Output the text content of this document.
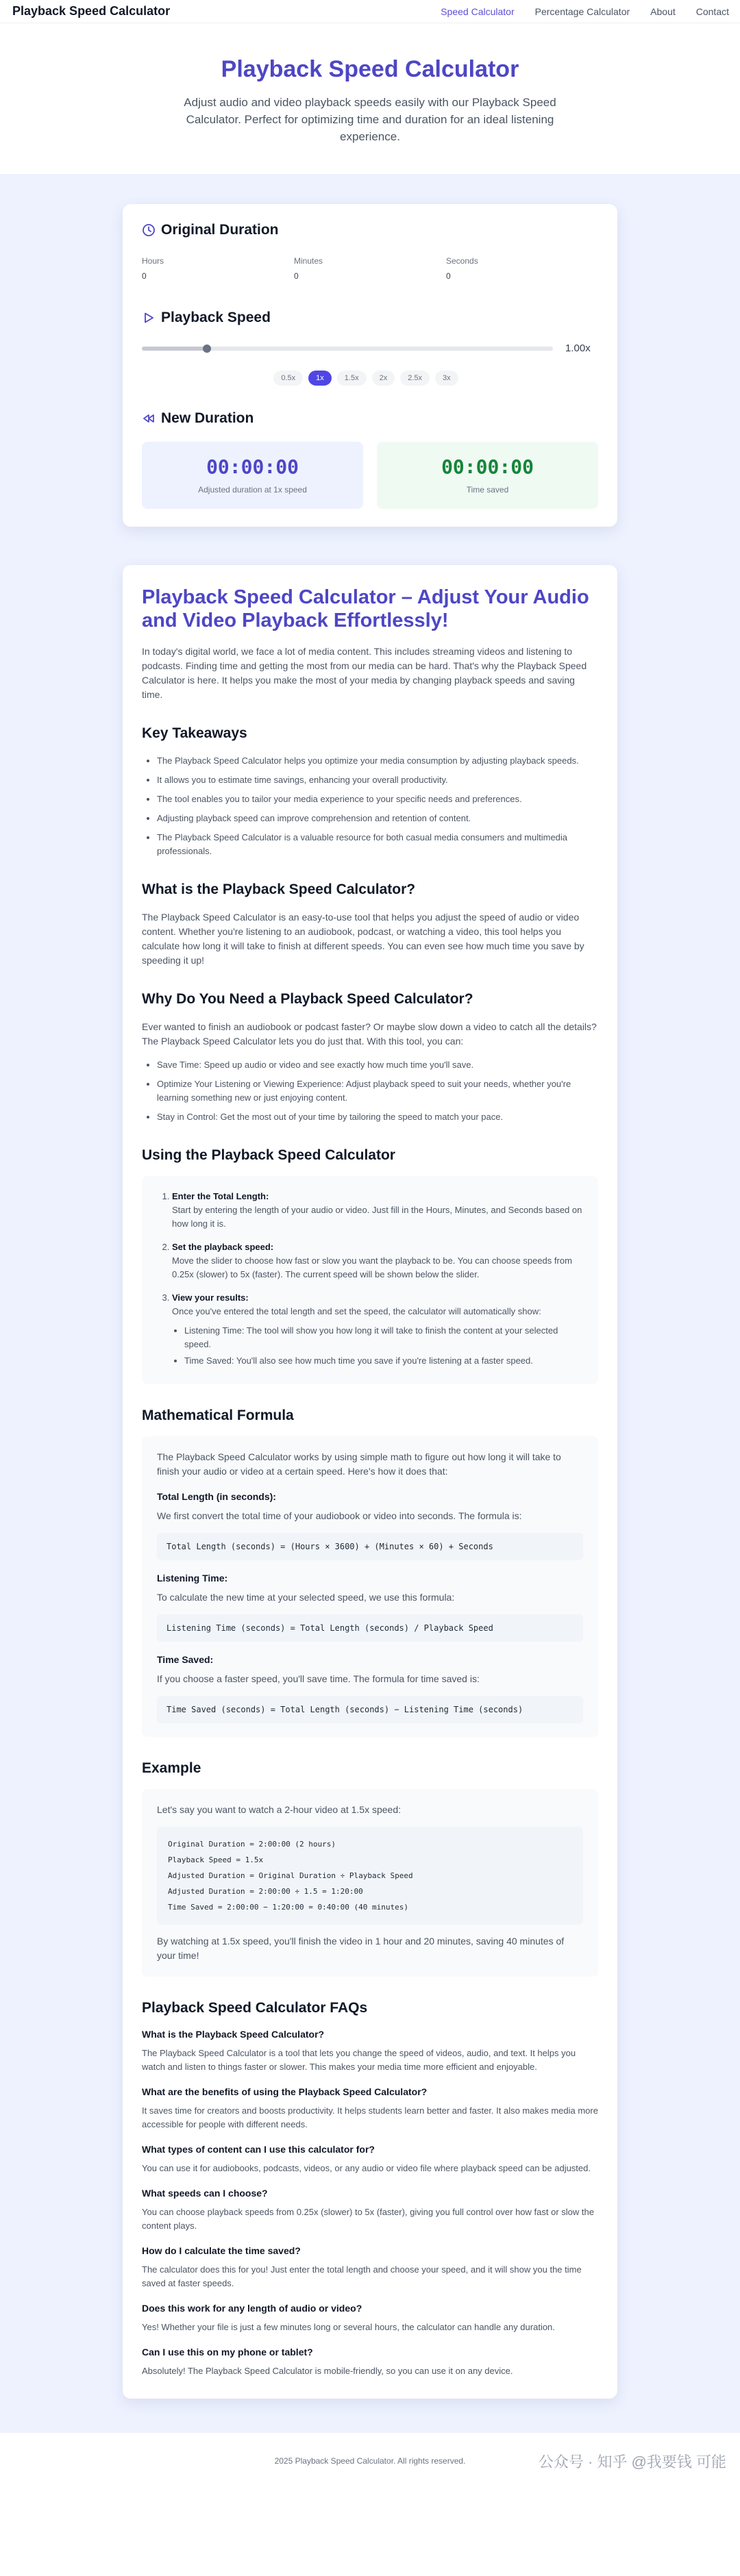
Playback Speed Calculator	Speed Calculator Percentage Calculator About Contact
Playback Speed Calculator

Adjust audio and video playback speeds easily with our Playback Speed Calculator. Perfect for optimizing time and duration for an ideal listening experience.

Original Duration
Hours
0	Minutes
0	Seconds
0
Playback Speed
1.00x
0.5x	1x	1.5x	2x	2.5x	3x
New Duration
00:00:00
Adjusted duration at 1x speed
00:00:00
Time saved
Playback Speed Calculator – Adjust Your Audio and Video Playback Effortlessly!

In today's digital world, we face a lot of media content. This includes streaming videos and listening to podcasts. Finding time and getting the most from our media can be hard. That's why the Playback Speed Calculator is here. It helps you make the most of your media by changing playback speeds and saving time.

Key Takeaways
• The Playback Speed Calculator helps you optimize your media consumption by adjusting playback speeds.
• It allows you to estimate time savings, enhancing your overall productivity.
• The tool enables you to tailor your media experience to your specific needs and preferences.
• Adjusting playback speed can improve comprehension and retention of content.
• The Playback Speed Calculator is a valuable resource for both casual media consumers and multimedia professionals.
What is the Playback Speed Calculator?

The Playback Speed Calculator is an easy-to-use tool that helps you adjust the speed of audio or video content. Whether you're listening to an audiobook, podcast, or watching a video, this tool helps you calculate how long it will take to finish at different speeds. You can even see how much time you save by speeding it up!

Why Do You Need a Playback Speed Calculator?

Ever wanted to finish an audiobook or podcast faster? Or maybe slow down a video to catch all the details? The Playback Speed Calculator lets you do just that. With this tool, you can:

• Save Time: Speed up audio or video and see exactly how much time you'll save.
• Optimize Your Listening or Viewing Experience: Adjust playback speed to suit your needs, whether you're learning something new or just enjoying content.
• Stay in Control: Get the most out of your time by tailoring the speed to match your pace.
Using the Playback Speed Calculator
1. Enter the Total Length:
Start by entering the length of your audio or video. Just fill in the Hours, Minutes, and Seconds based on how long it is.
2. Set the playback speed:
Move the slider to choose how fast or slow you want the playback to be. You can choose speeds from 0.25x (slower) to 5x (faster). The current speed will be shown below the slider.
3. View your results:
Once you've entered the total length and set the speed, the calculator will automatically show:
• Listening Time: The tool will show you how long it will take to finish the content at your selected speed.
• Time Saved: You'll also see how much time you save if you're listening at a faster speed.
Mathematical Formula

The Playback Speed Calculator works by using simple math to figure out how long it will take to finish your audio or video at a certain speed. Here's how it does that:

Total Length (in seconds):

We first convert the total time of your audiobook or video into seconds. The formula is:

Total Length (seconds) = (Hours × 3600) + (Minutes × 60) + Seconds
Listening Time:

To calculate the new time at your selected speed, we use this formula:

Listening Time (seconds) = Total Length (seconds) / Playback Speed
Time Saved:

If you choose a faster speed, you'll save time. The formula for time saved is:

Time Saved (seconds) = Total Length (seconds) − Listening Time (seconds)
Example

Let's say you want to watch a 2-hour video at 1.5x speed:

Original Duration = 2:00:00 (2 hours)
Playback Speed = 1.5x
Adjusted Duration = Original Duration ÷ Playback Speed
Adjusted Duration = 2:00:00 ÷ 1.5 = 1:20:00
Time Saved = 2:00:00 − 1:20:00 = 0:40:00 (40 minutes)

By watching at 1.5x speed, you'll finish the video in 1 hour and 20 minutes, saving 40 minutes of your time!

Playback Speed Calculator FAQs
What is the Playback Speed Calculator?
The Playback Speed Calculator is a tool that lets you change the speed of videos, audio, and text. It helps you watch and listen to things faster or slower. This makes your media time more efficient and enjoyable.
What are the benefits of using the Playback Speed Calculator?
It saves time for creators and boosts productivity. It helps students learn better and faster. It also makes media more accessible for people with different needs.
What types of content can I use this calculator for?
You can use it for audiobooks, podcasts, videos, or any audio or video file where playback speed can be adjusted.
What speeds can I choose?
You can choose playback speeds from 0.25x (slower) to 5x (faster), giving you full control over how fast or slow the content plays.
How do I calculate the time saved?
The calculator does this for you! Just enter the total length and choose your speed, and it will show you the time saved at faster speeds.
Does this work for any length of audio or video?
Yes! Whether your file is just a few minutes long or several hours, the calculator can handle any duration.
Can I use this on my phone or tablet?
Absolutely! The Playback Speed Calculator is mobile-friendly, so you can use it on any device.
2025 Playback Speed Calculator. All rights reserved.	公众号 · 知乎 @我要钱 可能
